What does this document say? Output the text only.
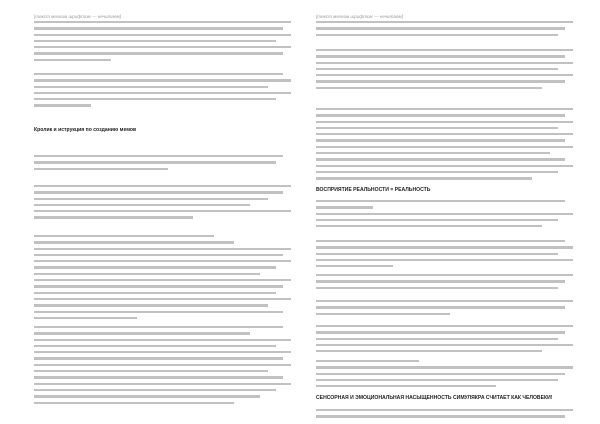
[текст мелким шрифтом — нечитаем]

Кролик и иструкция по созданию мемов

[текст мелким шрифтом — нечитаем]

ВОСПРИЯТИЕ РЕАЛЬНОСТИ = РЕАЛЬНОСТЬ

СЕНСОРНАЯ И ЭМОЦИОНАЛЬНАЯ НАСЫЩЕННОСТЬ СИМУЛЯКРА СЧИТАЕТ КАК ЧЕЛОВЕКИ!
